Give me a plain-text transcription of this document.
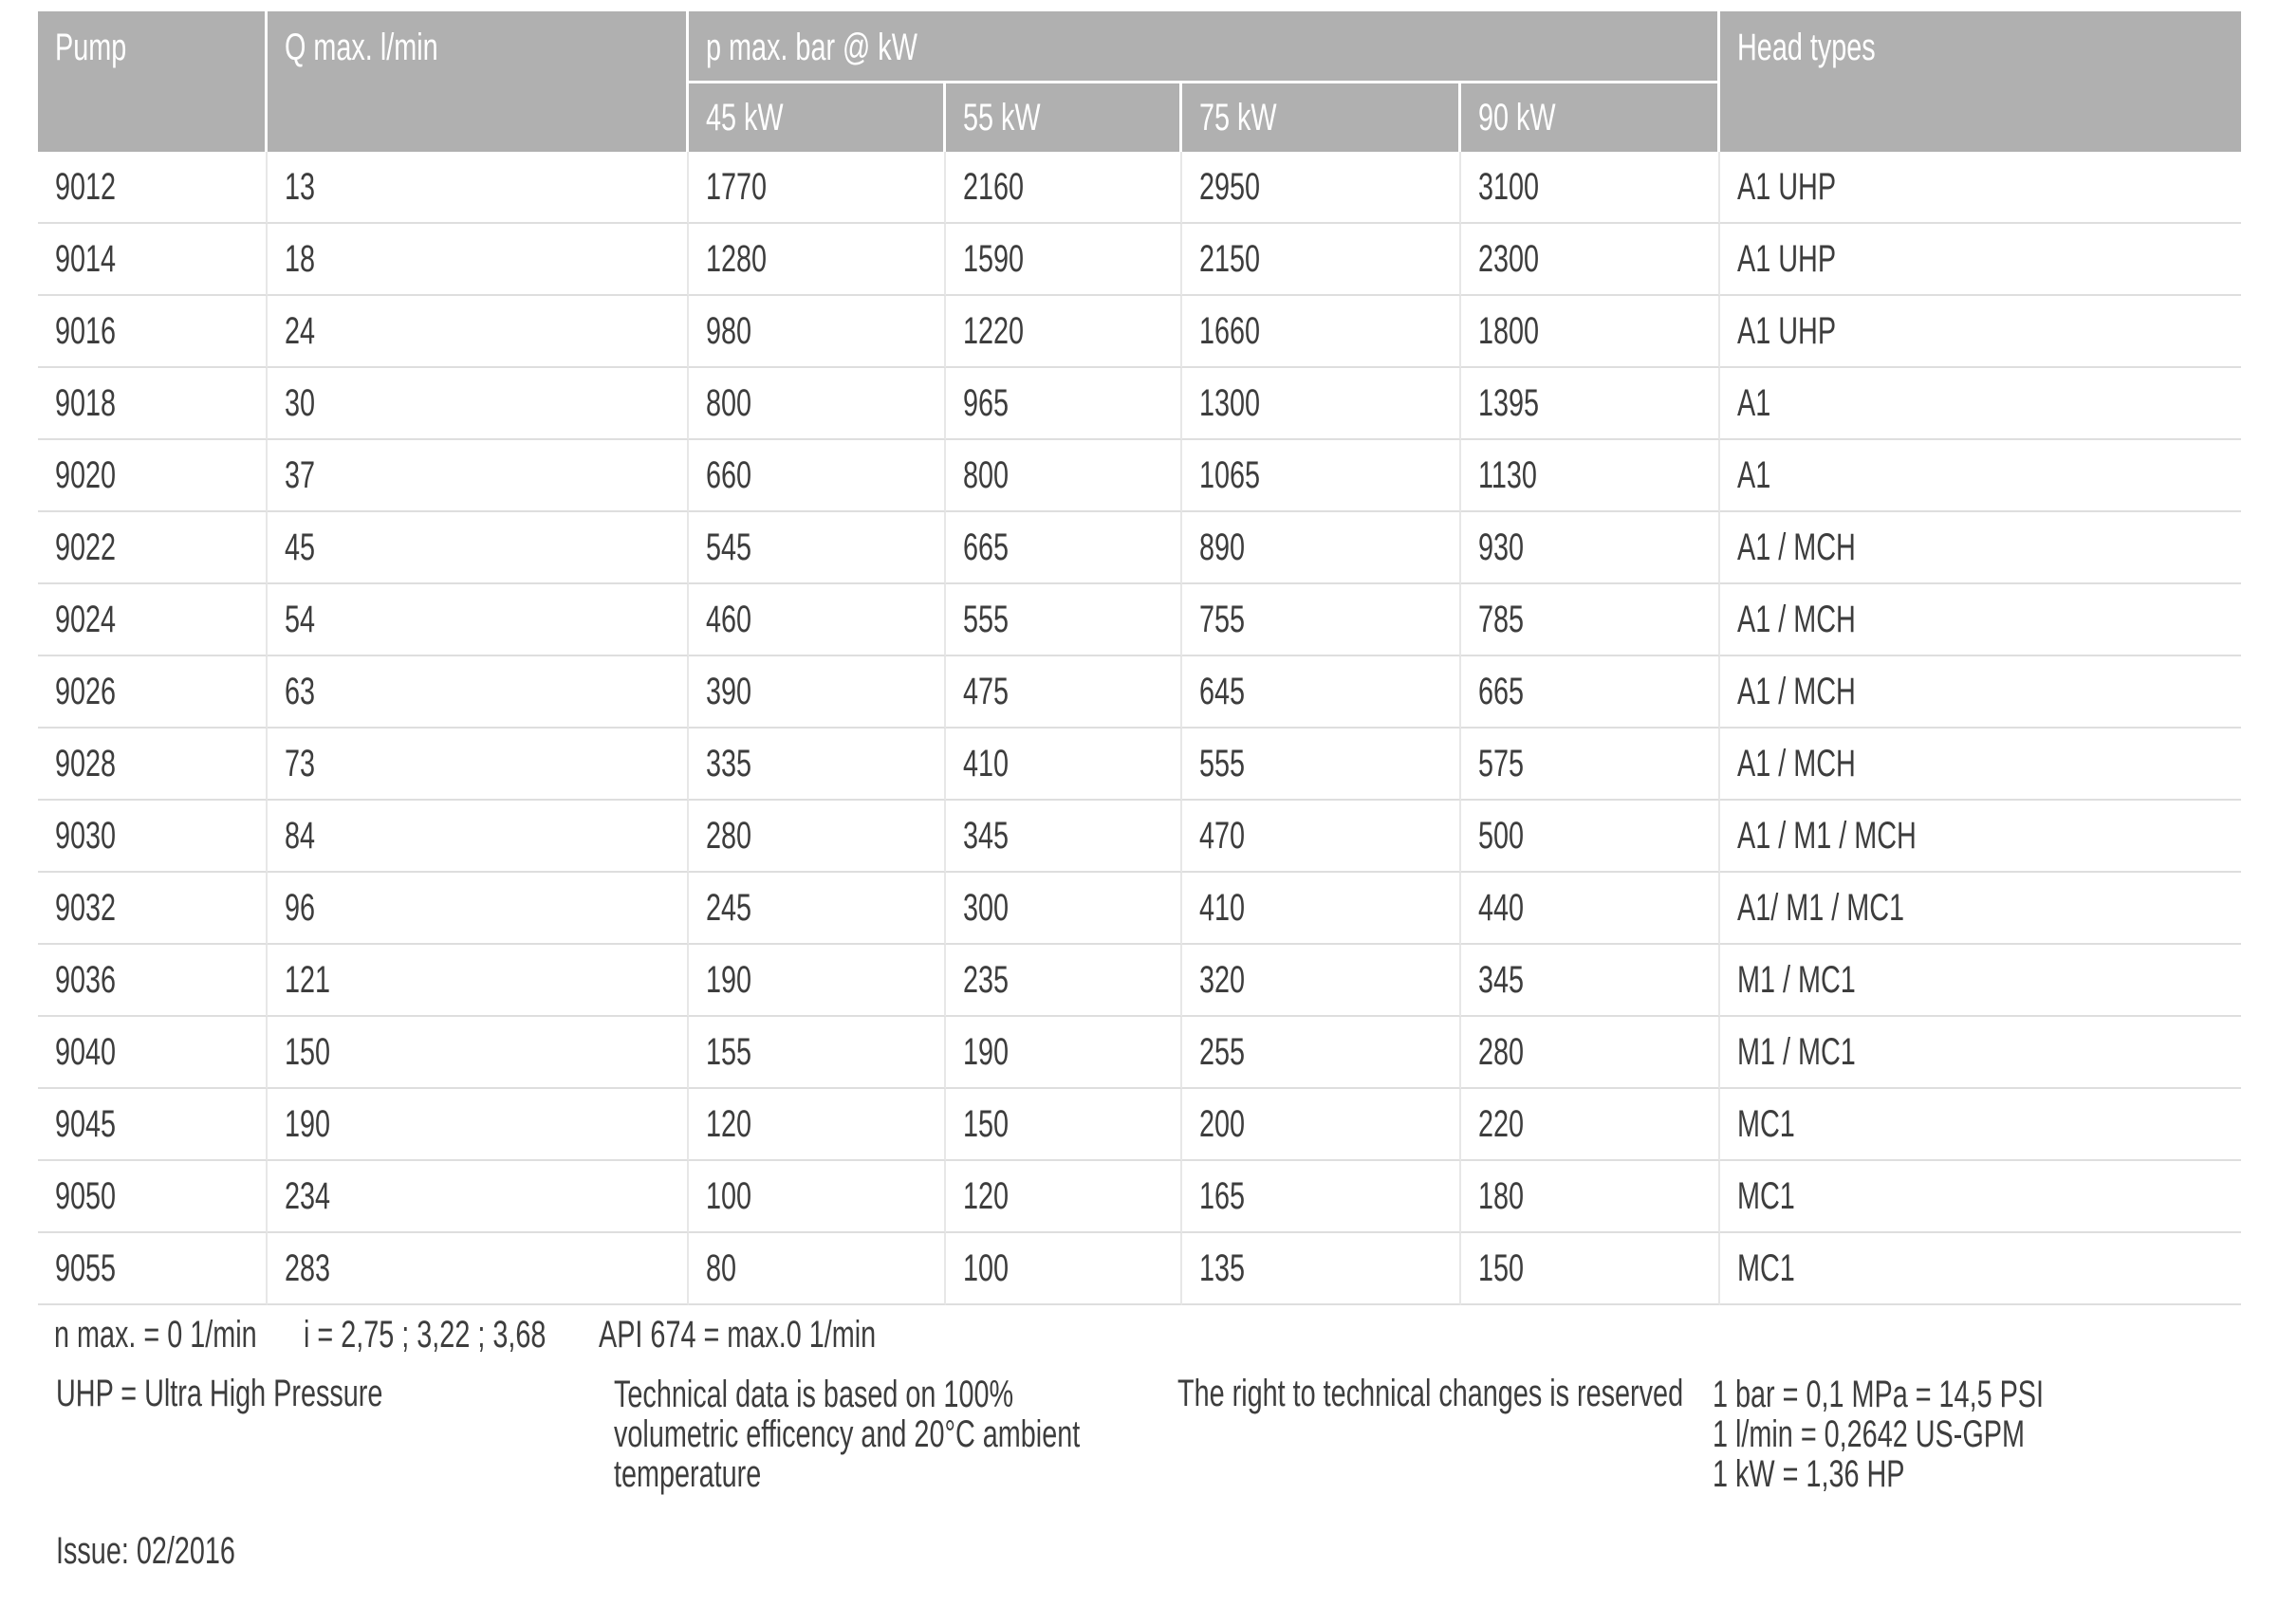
Pump	Q max. l/min	p max. bar @ kW
45 kW	55 kW	75 kW	90 kW
Head types
9012	13	1770	2160	2950	3100	A1 UHP
9014	18	1280	1590	2150	2300	A1 UHP
9016	24	980	1220	1660	1800	A1 UHP
9018	30	800	965	1300	1395	A1
9020	37	660	800	1065	1130	A1
9022	45	545	665	890	930	A1 / MCH
9024	54	460	555	755	785	A1 / MCH
9026	63	390	475	645	665	A1 / MCH
9028	73	335	410	555	575	A1 / MCH
9030	84	280	345	470	500	A1 / M1 / MCH
9032	96	245	300	410	440	A1/ M1 / MC1
9036	121	190	235	320	345	M1 / MC1
9040	150	155	190	255	280	M1 / MC1
9045	190	120	150	200	220	MC1
9050	234	100	120	165	180	MC1
9055	283	80	100	135	150	MC1
n max. = 0 1/min	i = 2,75 ; 3,22 ; 3,68	API 674 = max.0 1/min
UHP = Ultra High Pressure	Technical data is based on 100%
volumetric efficency and 20°C ambient
temperature
The right to technical changes is reserved 1 bar = 0,1 MPa = 14,5 PSI
1 l/min = 0,2642 US-GPM
1 kW = 1,36 HP
Issue: 02/2016
